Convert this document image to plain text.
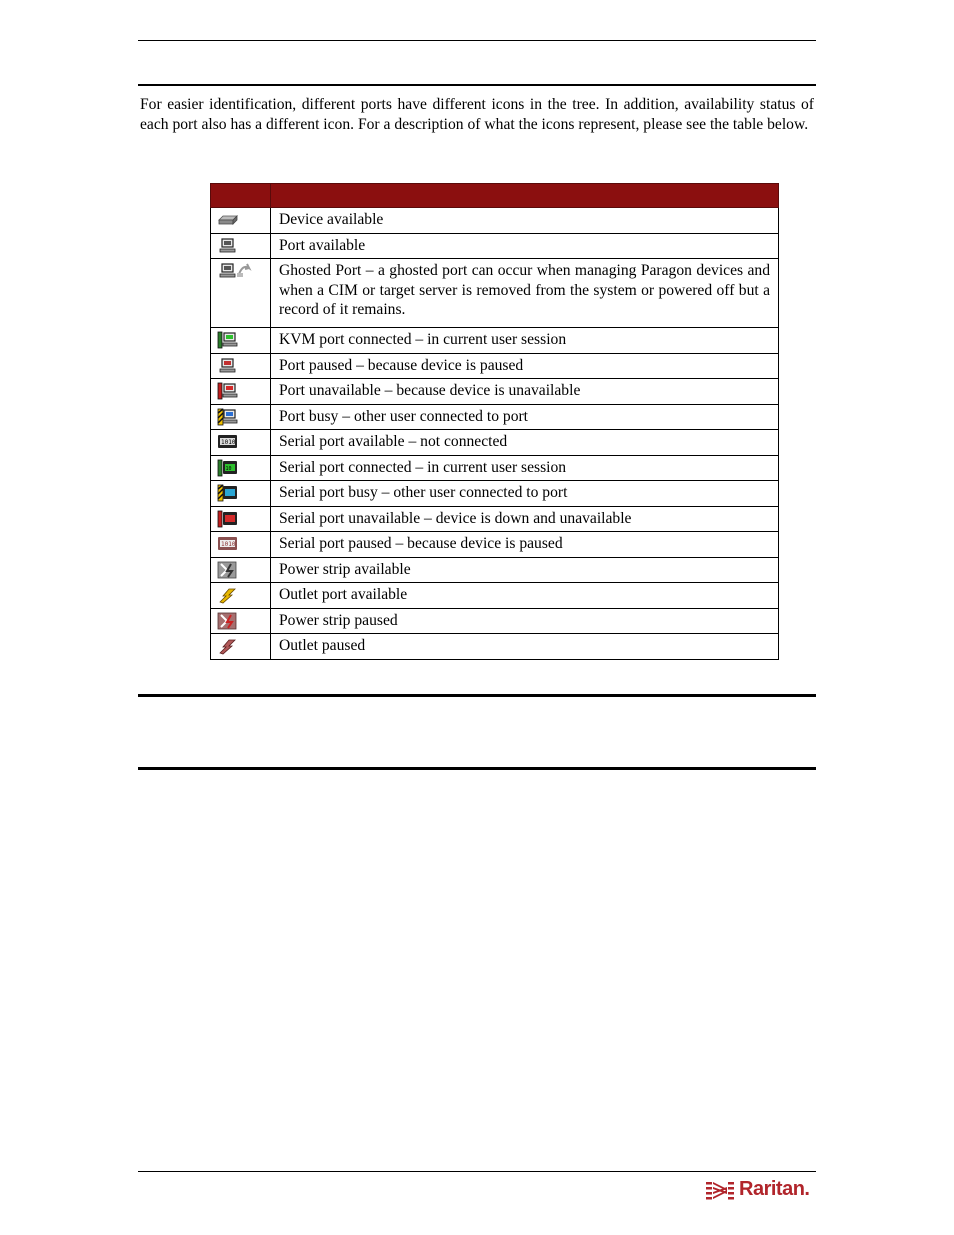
For easier identification, different ports have different icons in the tree. In addition, availability status of each port also has a different icon. For a description of what the icons represent, please see the table below.

	Device available

	Port available

	Ghosted Port – a ghosted port can occur when managing Paragon devices and when a CIM or target server is removed from the system or powered off but a record of it remains.

	KVM port connected – in current user session

	Port paused – because device is paused

	Port unavailable – because device is unavailable

	Port busy – other user connected to port

1010	Serial port available – not connected

10	Serial port connected – in current user session

	Serial port busy – other user connected to port

	Serial port unavailable – device is down and unavailable

1010	Serial port paused – because device is paused

	Power strip available

	Outlet port available

	Power strip paused

	Outlet paused
Raritan.
